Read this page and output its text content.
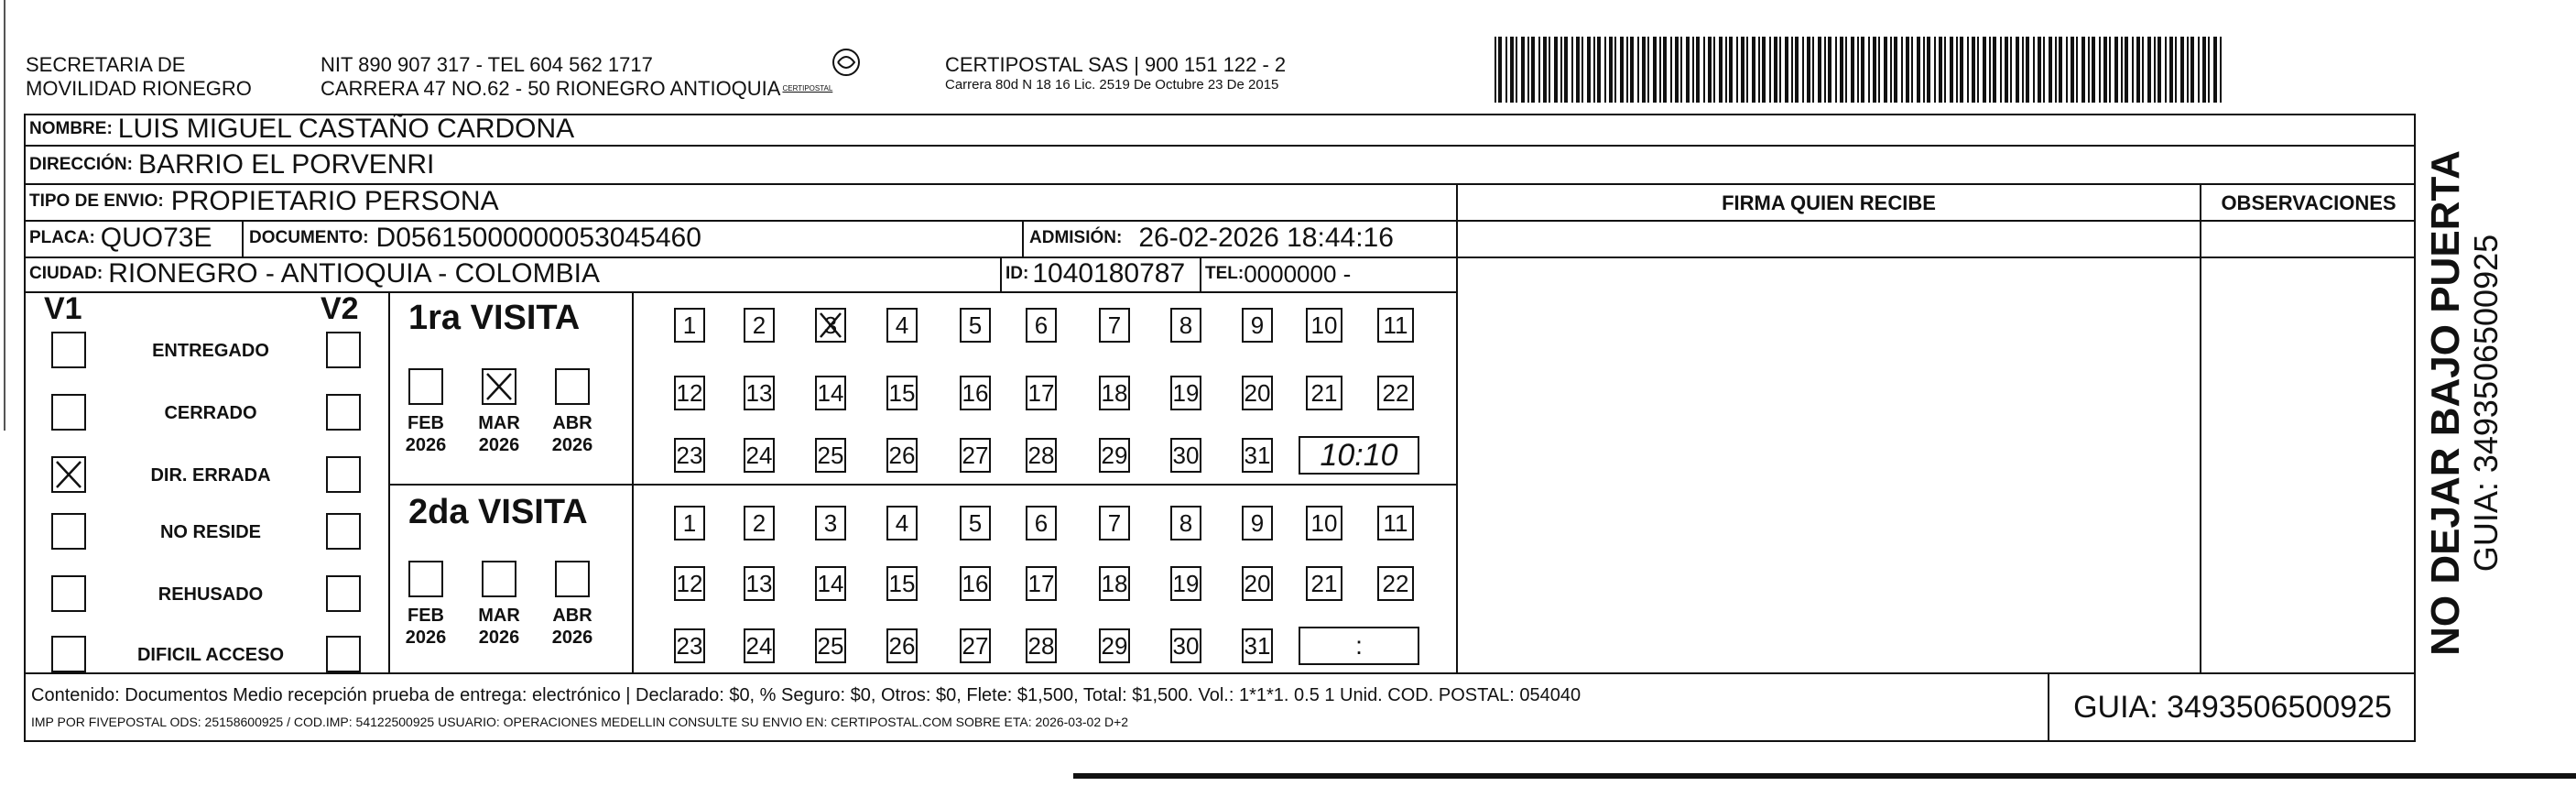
SECRETARIA DE
MOVILIDAD RIONEGRO
NIT 890 907 317 - TEL 604 562 1717
CARRERA 47 NO.62 - 50 RIONEGRO ANTIOQUIA CERTIPOSTAL
CERTIPOSTAL SAS | 900 151 122 - 2
Carrera 80d N 18 16 Lic. 2519 De Octubre 23 De 2015
NOMBRE: LUIS MIGUEL CASTAÑO CARDONA
DIRECCIÓN: BARRIO EL PORVENRI
TIPO DE ENVIO: PROPIETARIO PERSONA
PLACA: QUO73E DOCUMENTO: D05615000000053045460	ADMISIÓN: 26-02-2026 18:44:16
CIUDAD: RIONEGRO - ANTIOQUIA - COLOMBIA	ID: 1040180787 TEL: 0000000 -
FIRMA QUIEN RECIBE	OBSERVACIONES
V1	V2
ENTREGADO
CERRADO
DIR. ERRADA
NO RESIDE
REHUSADO
DIFICIL ACCESO
1ra VISITA
FEB
2026
MAR
2026
ABR
2026
1 2 3 4	5 6	7 8 9 10 11
12 13 14 15 16 17 18 19 20 21 22
23 24 25 26 27 28 29 30 31	10:10
2da VISITA
FEB
2026
MAR
2026
ABR
2026
1 2 3 4	5 6	7 8 9 10 11
12 13 14 15 16 17 18 19 20 21 22
23 24 25 26 27 28 29 30 31	:
Contenido: Documentos Medio recepción prueba de entrega: electrónico | Declarado: $0, % Seguro: $0, Otros: $0, Flete: $1,500, Total: $1,500. Vol.: 1*1*1. 0.5 1 Unid. COD. POSTAL: 054040
IMP POR FIVEPOSTAL ODS: 25158600925 / COD.IMP: 54122500925 USUARIO: OPERACIONES MEDELLIN CONSULTE SU ENVIO EN: CERTIPOSTAL.COM SOBRE ETA: 2026-03-02 D+2	GUIA: 3493506500925
NO DEJAR BAJO PUERTA GUIA: 3493506500925
